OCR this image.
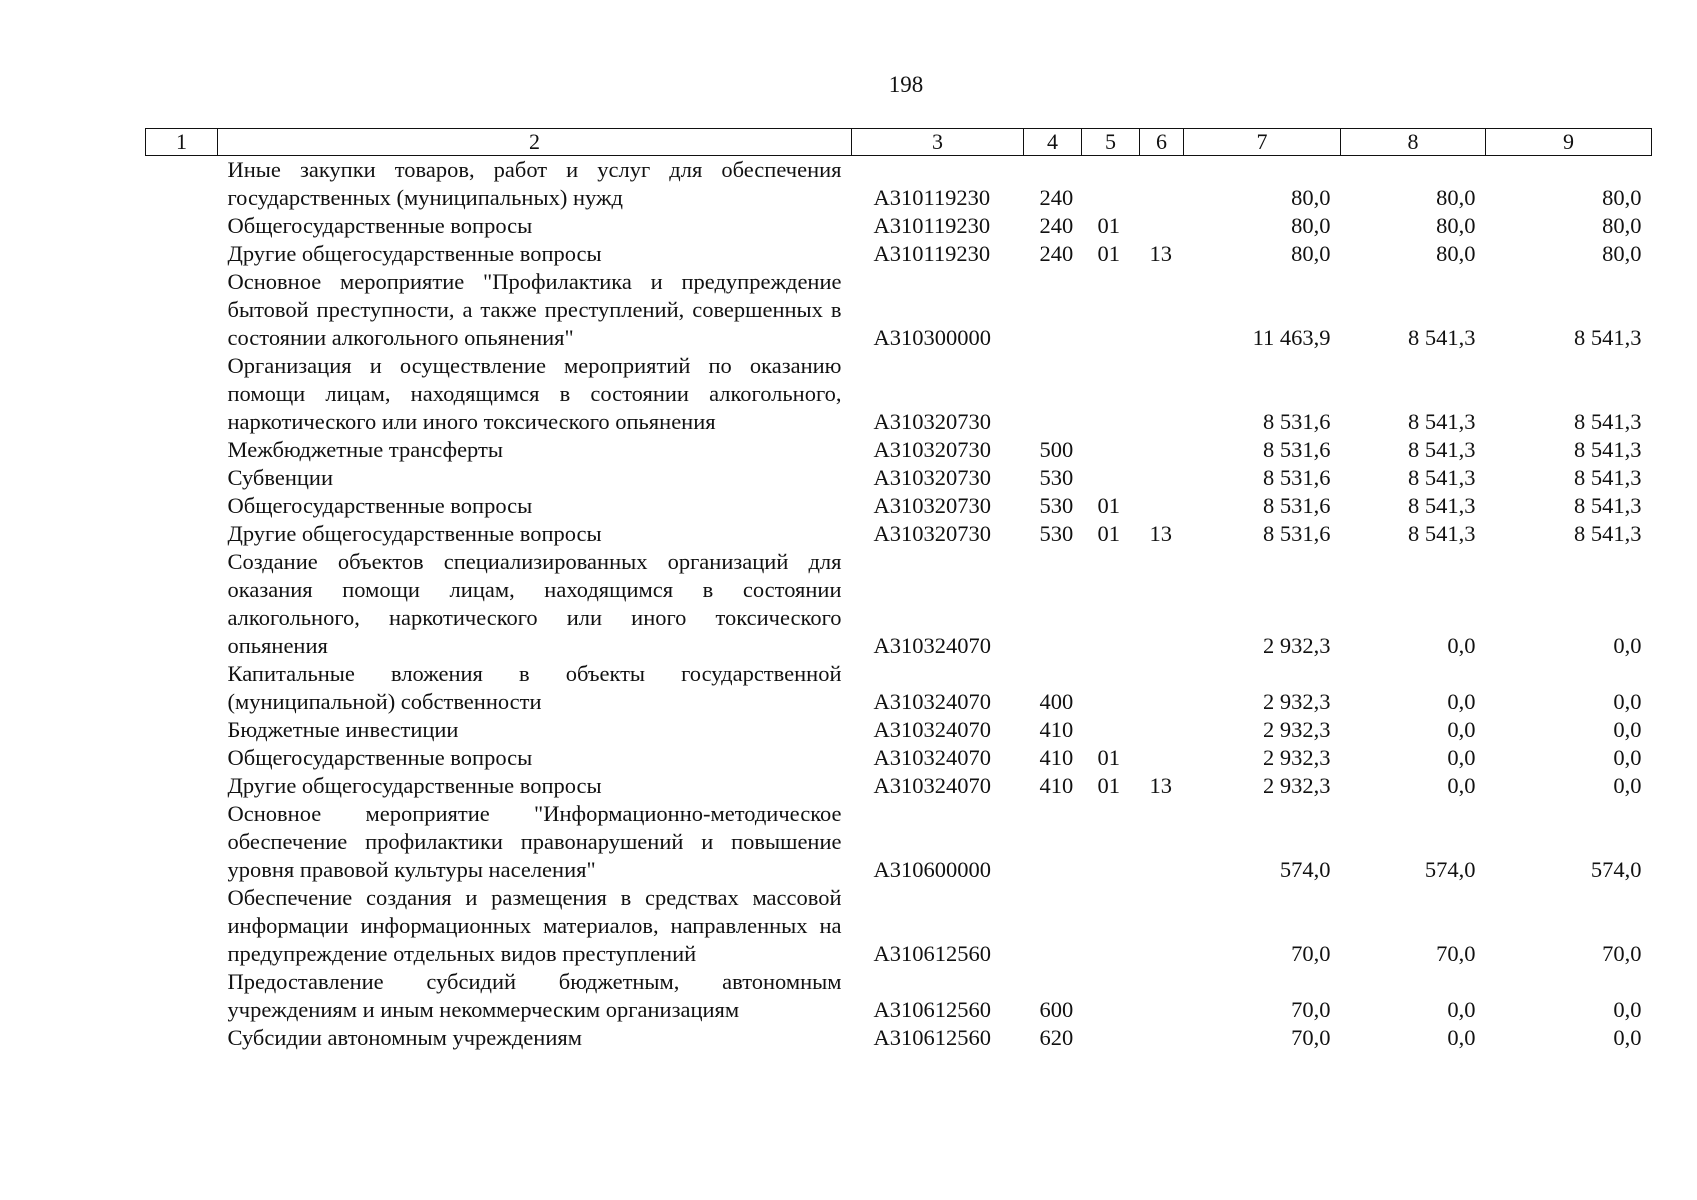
198
1	2	3	4	5	6	7	8	9
	Иные закупки товаров, работ и услуг для обеспечения государственных (муниципальных) нужд	А310119230	240			80,0	80,0	80,0
	Общегосударственные вопросы	А310119230	240	01		80,0	80,0	80,0
	Другие общегосударственные вопросы	А310119230	240	01	13	80,0	80,0	80,0
	Основное мероприятие "Профилактика и предупреждение бытовой преступности, а также преступлений, совершенных в состоянии алкогольного опьянения"	А310300000				11 463,9	8 541,3	8 541,3
	Организация и осуществление мероприятий по оказанию помощи лицам, находящимся в состоянии алкогольного, наркотического или иного токсического опьянения	А310320730				8 531,6	8 541,3	8 541,3
	Межбюджетные трансферты	А310320730	500			8 531,6	8 541,3	8 541,3
	Субвенции	А310320730	530			8 531,6	8 541,3	8 541,3
	Общегосударственные вопросы	А310320730	530	01		8 531,6	8 541,3	8 541,3
	Другие общегосударственные вопросы	А310320730	530	01	13	8 531,6	8 541,3	8 541,3
	Создание объектов специализированных организаций для оказания помощи лицам, находящимся в состоянии алкогольного, наркотического или иного токсического опьянения	А310324070				2 932,3	0,0	0,0
	Капитальные вложения в объекты государственной (муниципальной) собственности	А310324070	400			2 932,3	0,0	0,0
	Бюджетные инвестиции	А310324070	410			2 932,3	0,0	0,0
	Общегосударственные вопросы	А310324070	410	01		2 932,3	0,0	0,0
	Другие общегосударственные вопросы	А310324070	410	01	13	2 932,3	0,0	0,0
	Основное мероприятие "Информационно-методическое обеспечение профилактики правонарушений и повышение уровня правовой культуры населения"	А310600000				574,0	574,0	574,0
	Обеспечение создания и размещения в средствах массовой информации информационных материалов, направленных на предупреждение отдельных видов преступлений	А310612560				70,0	70,0	70,0
	Предоставление субсидий бюджетным, автономным учреждениям и иным некоммерческим организациям	А310612560	600			70,0	0,0	0,0
	Субсидии автономным учреждениям	А310612560	620			70,0	0,0	0,0
